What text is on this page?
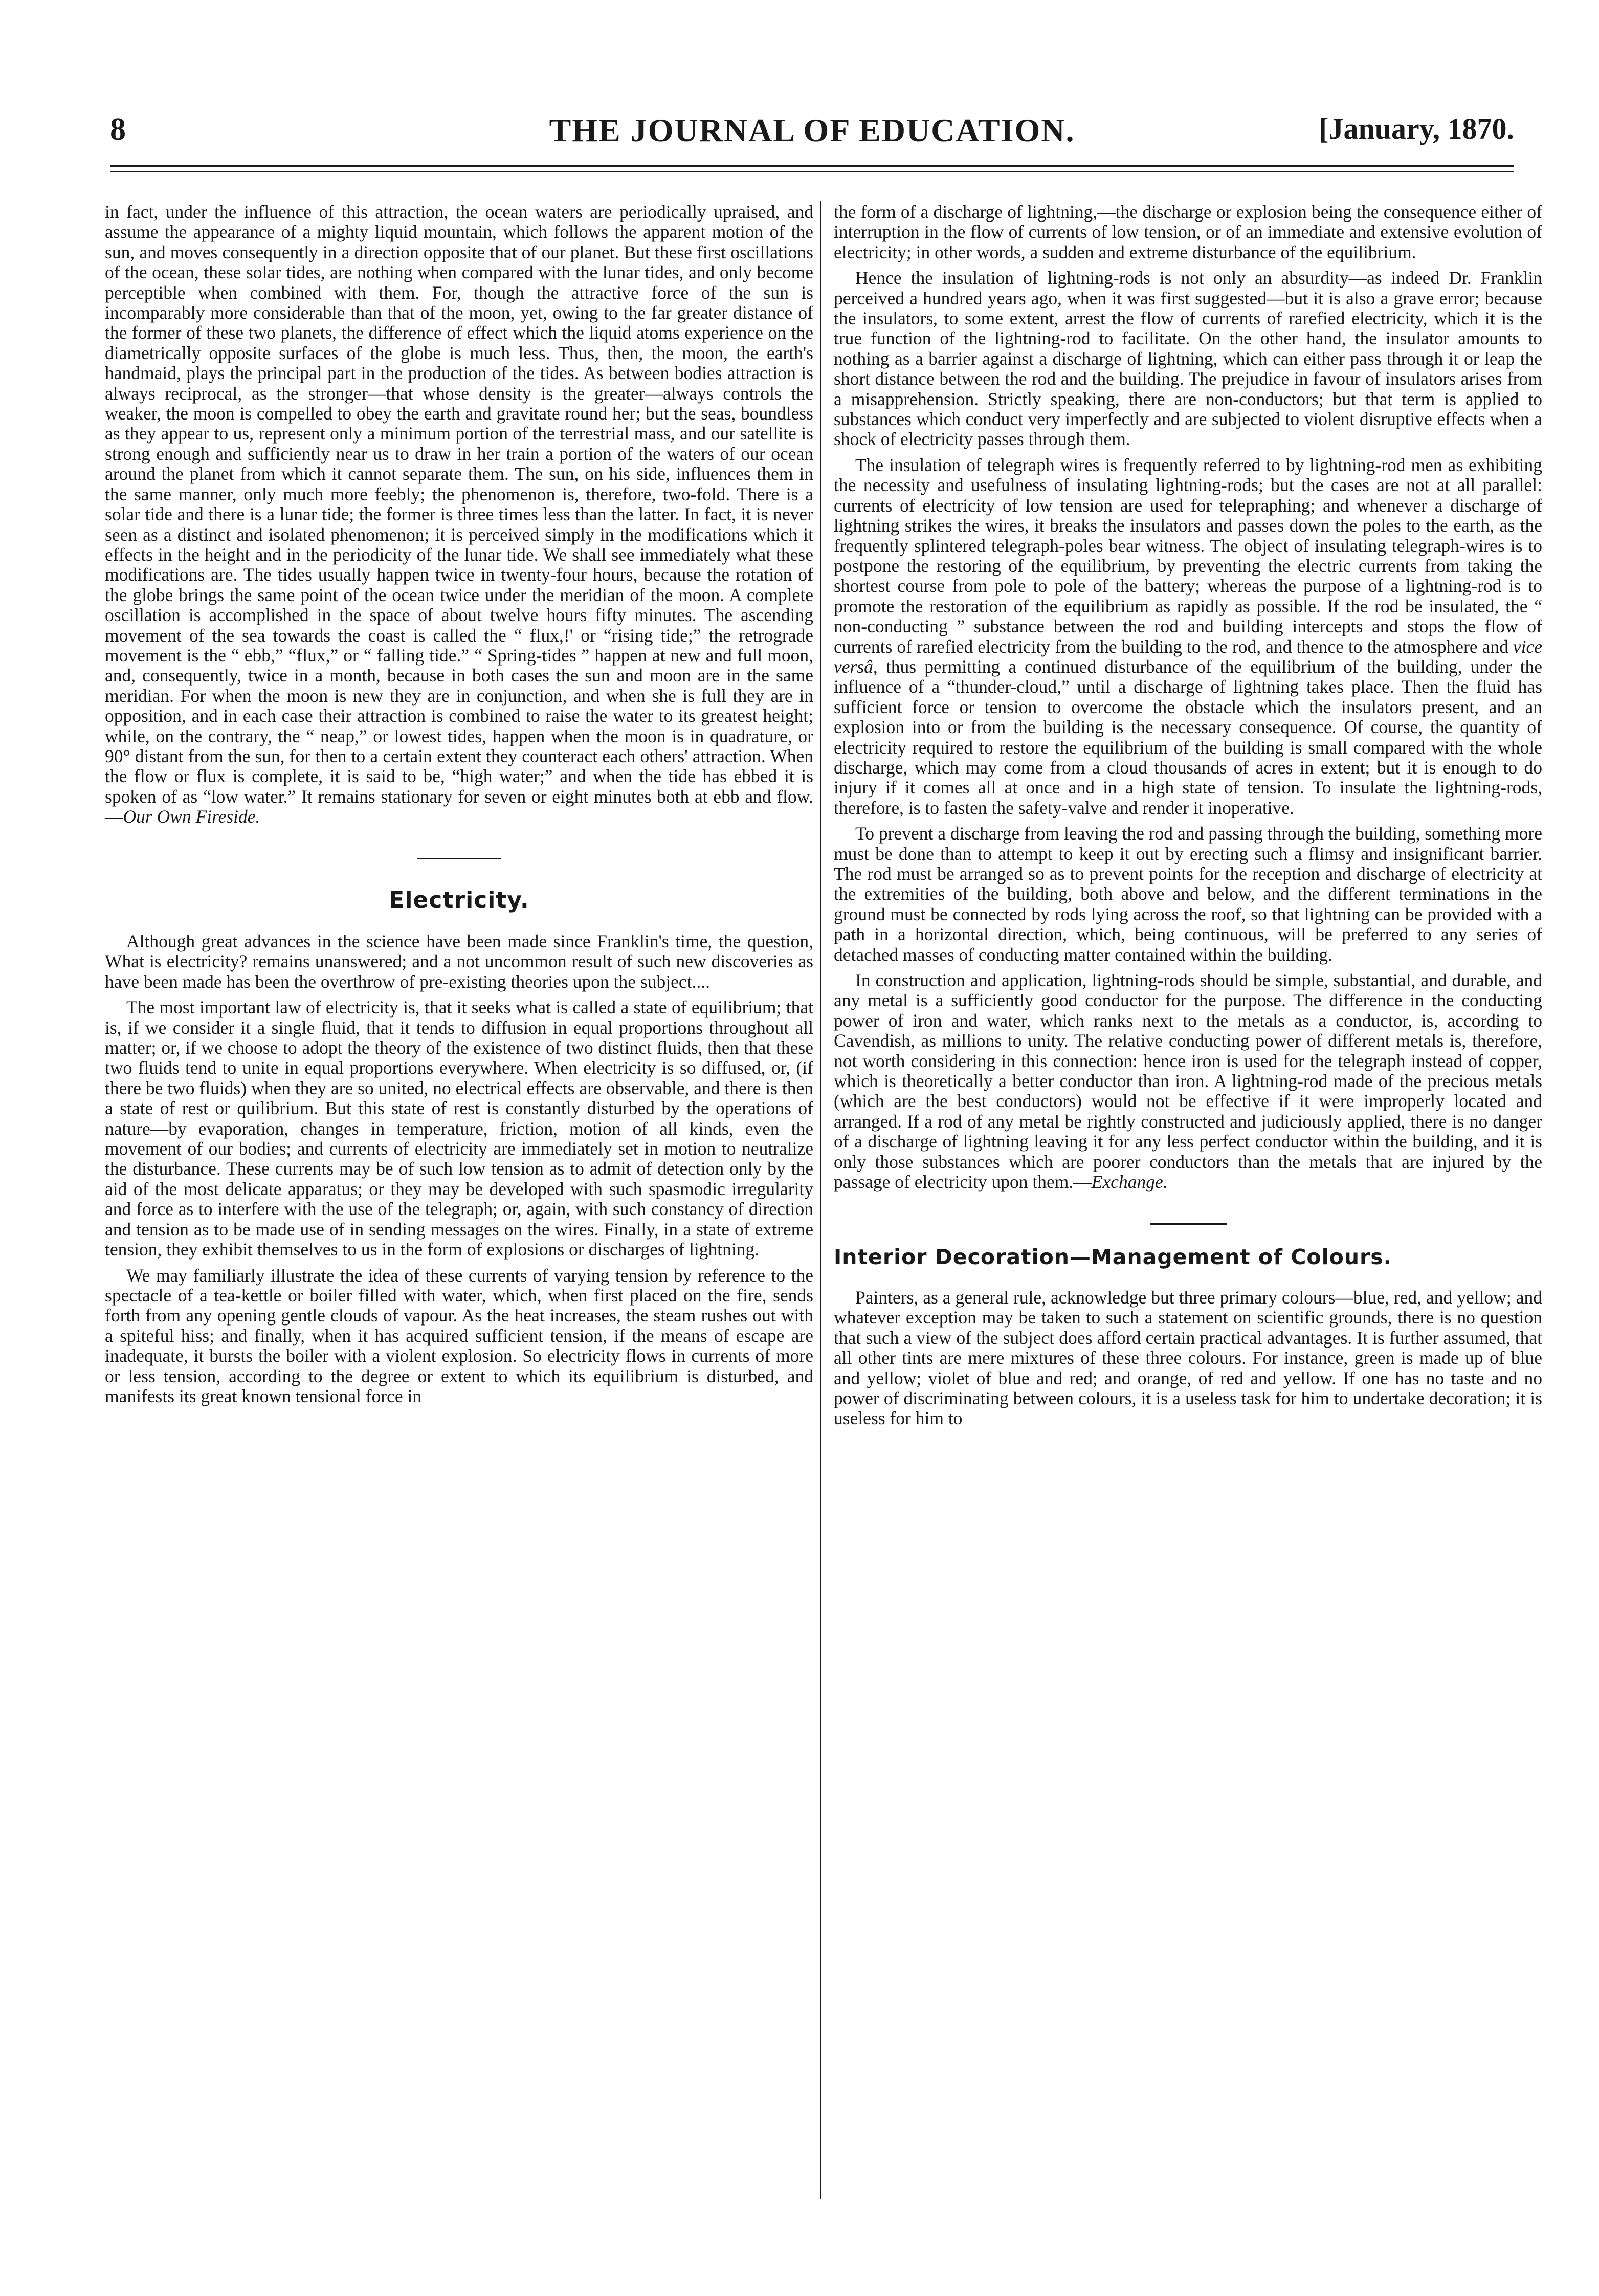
8	THE JOURNAL OF EDUCATION.	[January, 1870.

in fact, under the influence of this attraction, the ocean waters are periodically upraised, and assume the appearance of a mighty liquid mountain, which follows the apparent motion of the sun, and moves consequently in a direction opposite that of our planet. But these first oscillations of the ocean, these solar tides, are nothing when compared with the lunar tides, and only become perceptible when combined with them. For, though the attractive force of the sun is incomparably more considerable than that of the moon, yet, owing to the far greater distance of the former of these two planets, the difference of effect which the liquid atoms experience on the diametrically opposite surfaces of the globe is much less. Thus, then, the moon, the earth's handmaid, plays the principal part in the production of the tides. As between bodies attraction is always reciprocal, as the stronger—that whose density is the greater—always controls the weaker, the moon is compelled to obey the earth and gravitate round her; but the seas, boundless as they appear to us, represent only a minimum portion of the terrestrial mass, and our satellite is strong enough and sufficiently near us to draw in her train a portion of the waters of our ocean around the planet from which it cannot separate them. The sun, on his side, influences them in the same manner, only much more feebly; the phenomenon is, therefore, two-fold. There is a solar tide and there is a lunar tide; the former is three times less than the latter. In fact, it is never seen as a distinct and isolated phenomenon; it is perceived simply in the modifications which it effects in the height and in the periodicity of the lunar tide. We shall see immediately what these modifications are. The tides usually happen twice in twenty-four hours, because the rotation of the globe brings the same point of the ocean twice under the meridian of the moon. A complete oscillation is accomplished in the space of about twelve hours fifty minutes. The ascending movement of the sea towards the coast is called the “ flux,!' or “rising tide;” the retrograde movement is the “ ebb,” “flux,” or “ falling tide.” “ Spring-tides ” happen at new and full moon, and, consequently, twice in a month, because in both cases the sun and moon are in the same meridian. For when the moon is new they are in conjunction, and when she is full they are in opposition, and in each case their attraction is combined to raise the water to its greatest height; while, on the contrary, the “ neap,” or lowest tides, happen when the moon is in quadrature, or 90° distant from the sun, for then to a certain extent they counteract each others' attraction. When the flow or flux is complete, it is said to be, “high water;” and when the tide has ebbed it is spoken of as “low water.” It remains stationary for seven or eight minutes both at ebb and flow.—Our Own Fireside.

Electricity.

Although great advances in the science have been made since Franklin's time, the question, What is electricity? remains unanswered; and a not uncommon result of such new discoveries as have been made has been the overthrow of pre-existing theories upon the subject....

The most important law of electricity is, that it seeks what is called a state of equilibrium; that is, if we consider it a single fluid, that it tends to diffusion in equal proportions throughout all matter; or, if we choose to adopt the theory of the existence of two distinct fluids, then that these two fluids tend to unite in equal proportions everywhere. When electricity is so diffused, or, (if there be two fluids) when they are so united, no electrical effects are observable, and there is then a state of rest or quilibrium. But this state of rest is constantly disturbed by the operations of nature—by evaporation, changes in temperature, friction, motion of all kinds, even the movement of our bodies; and currents of electricity are immediately set in motion to neutralize the disturbance. These currents may be of such low tension as to admit of detection only by the aid of the most delicate apparatus; or they may be developed with such spasmodic irregularity and force as to interfere with the use of the telegraph; or, again, with such constancy of direction and tension as to be made use of in sending messages on the wires. Finally, in a state of extreme tension, they exhibit themselves to us in the form of explosions or discharges of lightning.

We may familiarly illustrate the idea of these currents of varying tension by reference to the spectacle of a tea-kettle or boiler filled with water, which, when first placed on the fire, sends forth from any opening gentle clouds of vapour. As the heat increases, the steam rushes out with a spiteful hiss; and finally, when it has acquired sufficient tension, if the means of escape are inadequate, it bursts the boiler with a violent explosion. So electricity flows in currents of more or less tension, according to the degree or extent to which its equilibrium is disturbed, and manifests its great known tensional force in

the form of a discharge of lightning,—the discharge or explosion being the consequence either of interruption in the flow of currents of low tension, or of an immediate and extensive evolution of electricity; in other words, a sudden and extreme disturbance of the equilibrium.

Hence the insulation of lightning-rods is not only an absurdity—as indeed Dr. Franklin perceived a hundred years ago, when it was first suggested—but it is also a grave error; because the insulators, to some extent, arrest the flow of currents of rarefied electricity, which it is the true function of the lightning-rod to facilitate. On the other hand, the insulator amounts to nothing as a barrier against a discharge of lightning, which can either pass through it or leap the short distance between the rod and the building. The prejudice in favour of insulators arises from a misapprehension. Strictly speaking, there are non-conductors; but that term is applied to substances which conduct very imperfectly and are subjected to violent disruptive effects when a shock of electricity passes through them.

The insulation of telegraph wires is frequently referred to by lightning-rod men as exhibiting the necessity and usefulness of insulating lightning-rods; but the cases are not at all parallel: currents of electricity of low tension are used for telepraphing; and whenever a discharge of lightning strikes the wires, it breaks the insulators and passes down the poles to the earth, as the frequently splintered telegraph-poles bear witness. The object of insulating telegraph-wires is to postpone the restoring of the equilibrium, by preventing the electric currents from taking the shortest course from pole to pole of the battery; whereas the purpose of a lightning-rod is to promote the restoration of the equilibrium as rapidly as possible. If the rod be insulated, the “ non-conducting ” substance between the rod and building intercepts and stops the flow of currents of rarefied electricity from the building to the rod, and thence to the atmosphere and vice versâ, thus permitting a continued disturbance of the equilibrium of the building, under the influence of a “thunder-cloud,” until a discharge of lightning takes place. Then the fluid has sufficient force or tension to overcome the obstacle which the insulators present, and an explosion into or from the building is the necessary consequence. Of course, the quantity of electricity required to restore the equilibrium of the building is small compared with the whole discharge, which may come from a cloud thousands of acres in extent; but it is enough to do injury if it comes all at once and in a high state of tension. To insulate the lightning-rods, therefore, is to fasten the safety-valve and render it inoperative.

To prevent a discharge from leaving the rod and passing through the building, something more must be done than to attempt to keep it out by erecting such a flimsy and insignificant barrier. The rod must be arranged so as to prevent points for the reception and discharge of electricity at the extremities of the building, both above and below, and the different terminations in the ground must be connected by rods lying across the roof, so that lightning can be provided with a path in a horizontal direction, which, being continuous, will be preferred to any series of detached masses of conducting matter contained within the building.

In construction and application, lightning-rods should be simple, substantial, and durable, and any metal is a sufficiently good conductor for the purpose. The difference in the conducting power of iron and water, which ranks next to the metals as a conductor, is, according to Cavendish, as millions to unity. The relative conducting power of different metals is, therefore, not worth considering in this connection: hence iron is used for the telegraph instead of copper, which is theoretically a better conductor than iron. A lightning-rod made of the precious metals (which are the best conductors) would not be effective if it were improperly located and arranged. If a rod of any metal be rightly constructed and judiciously applied, there is no danger of a discharge of lightning leaving it for any less perfect conductor within the building, and it is only those substances which are poorer conductors than the metals that are injured by the passage of electricity upon them.—Exchange.

Interior Decoration—Management of Colours.

Painters, as a general rule, acknowledge but three primary colours—blue, red, and yellow; and whatever exception may be taken to such a statement on scientific grounds, there is no question that such a view of the subject does afford certain practical advantages. It is further assumed, that all other tints are mere mixtures of these three colours. For instance, green is made up of blue and yellow; violet of blue and red; and orange, of red and yellow. If one has no taste and no power of discriminating between colours, it is a useless task for him to undertake decoration; it is useless for him to
